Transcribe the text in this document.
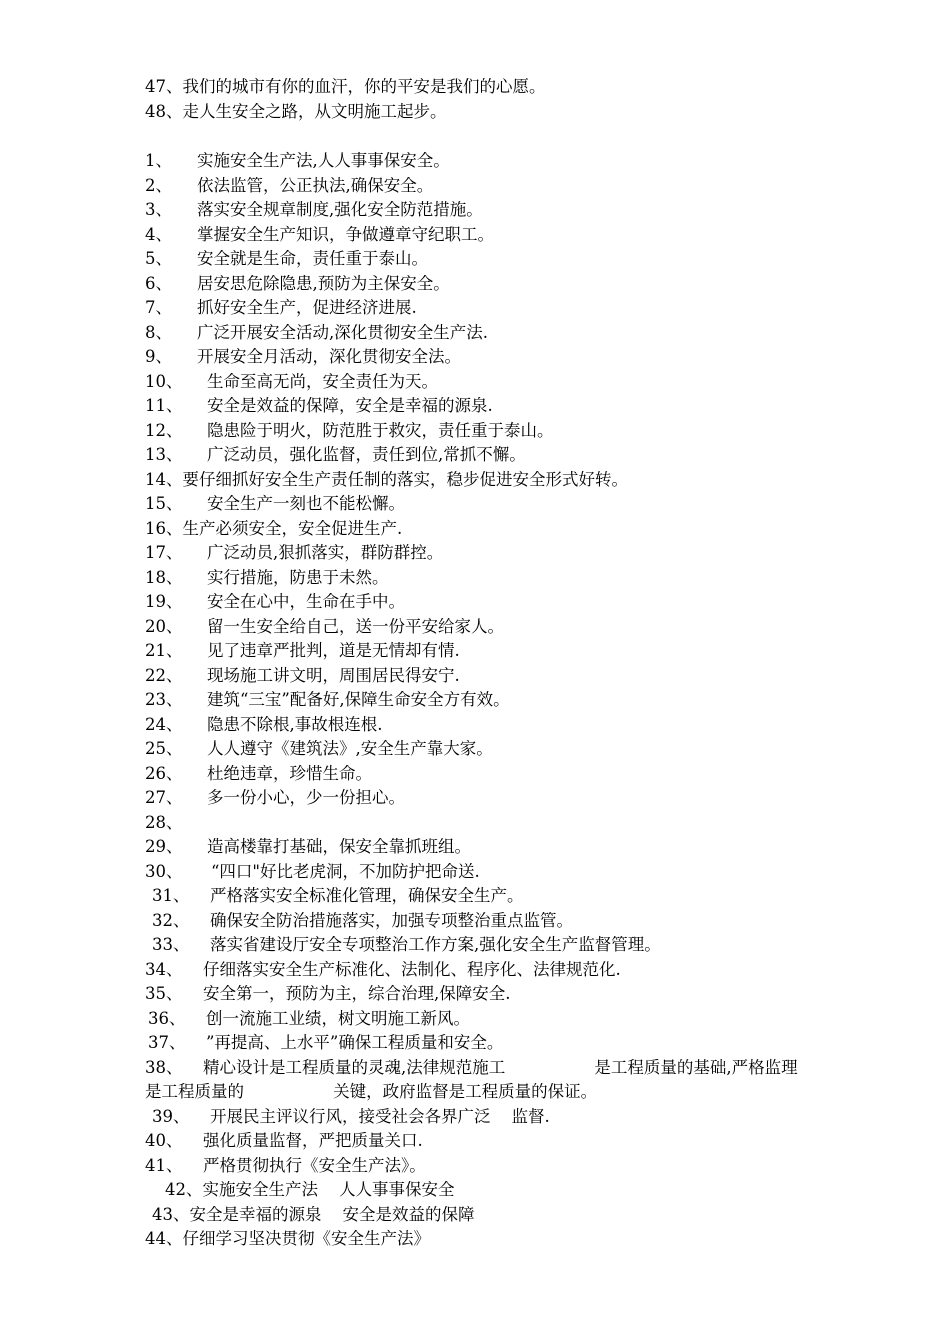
47、我们的城市有你的血汗，你的平安是我们的心愿。
48、走人生安全之路，从文明施工起步。
1、 实施安全生产法,人人事事保安全。
2、 依法监管，公正执法,确保安全。
3、 落实安全规章制度,强化安全防范措施。
4、 掌握安全生产知识，争做遵章守纪职工。
5、 安全就是生命，责任重于泰山。
6、 居安思危除隐患,预防为主保安全。
7、 抓好安全生产，促进经济进展.
8、 广泛开展安全活动,深化贯彻安全生产法.
9、 开展安全月活动，深化贯彻安全法。
10、 生命至高无尚，安全责任为天。
11、 安全是效益的保障，安全是幸福的源泉.
12、 隐患险于明火，防范胜于救灾，责任重于泰山。
13、 广泛动员，强化监督，责任到位,常抓不懈。
14、要仔细抓好安全生产责任制的落实，稳步促进安全形式好转。
15、 安全生产一刻也不能松懈。
16、生产必须安全，安全促进生产.
17、 广泛动员,狠抓落实，群防群控。
18、 实行措施，防患于未然。
19、 安全在心中，生命在手中。
20、 留一生安全给自己，送一份平安给家人。
21、 见了违章严批判，道是无情却有情.
22、 现场施工讲文明，周围居民得安宁.
23、 建筑“三宝”配备好,保障生命安全方有效。
24、 隐患不除根,事故根连根.
25、 人人遵守《建筑法》,安全生产靠大家。
26、 杜绝违章，珍惜生命。
27、 多一份小心，少一份担心。
28、
29、 造高楼靠打基础，保安全靠抓班组。
30、 “四口"好比老虎洞，不加防护把命送.
31、 严格落实安全标准化管理，确保安全生产。
32、 确保安全防治措施落实，加强专项整治重点监管。
33、 落实省建设厅安全专项整治工作方案,强化安全生产监督管理。
34、 仔细落实安全生产标准化、法制化、程序化、法律规范化.
35、 安全第一，预防为主，综合治理,保障安全.
36、 创一流施工业绩，树文明施工新风。
37、 ”再提高、上水平”确保工程质量和安全。
38、 精心设计是工程质量的灵魂,法律规范施工                 是工程质量的基础,严格监理
是工程质量的                 关键，政府监督是工程质量的保证。
39、 开展民主评议行风，接受社会各界广泛    监督.
40、 强化质量监督，严把质量关口.
41、 严格贯彻执行《安全生产法》。
42、实施安全生产法    人人事事保安全
43、安全是幸福的源泉    安全是效益的保障
44、仔细学习坚决贯彻《安全生产法》
